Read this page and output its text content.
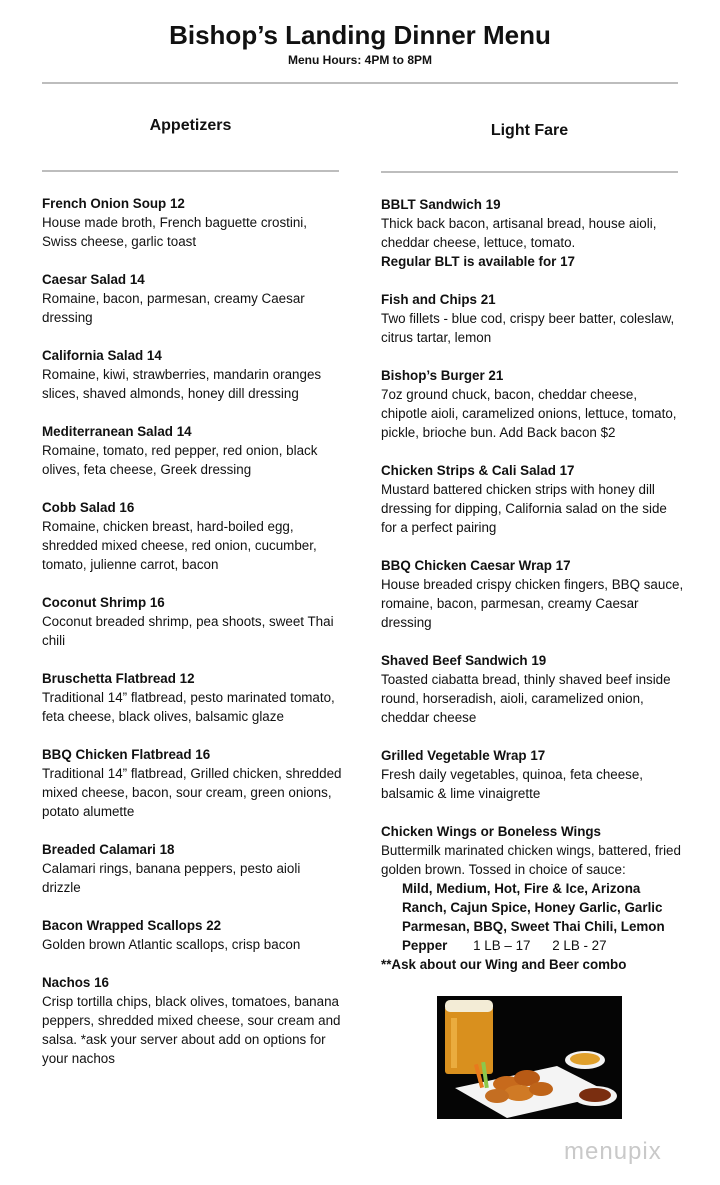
Bishop’s Landing Dinner Menu
Menu Hours: 4PM to 8PM
Appetizers	Light Fare
French Onion Soup 12
House made broth, French baguette crostini, Swiss cheese, garlic toast
Caesar Salad 14
Romaine, bacon, parmesan, creamy Caesar dressing
California Salad 14
Romaine, kiwi, strawberries, mandarin oranges slices, shaved almonds, honey dill dressing
Mediterranean Salad 14
Romaine, tomato, red pepper, red onion, black olives, feta cheese, Greek dressing
Cobb Salad 16
Romaine, chicken breast, hard-boiled egg, shredded mixed cheese, red onion, cucumber, tomato, julienne carrot, bacon
Coconut Shrimp 16
Coconut breaded shrimp, pea shoots, sweet Thai chili
Bruschetta Flatbread 12
Traditional 14” flatbread, pesto marinated tomato, feta cheese, black olives, balsamic glaze
BBQ Chicken Flatbread 16
Traditional 14” flatbread, Grilled chicken, shredded mixed cheese, bacon, sour cream, green onions, potato alumette
Breaded Calamari 18
Calamari rings, banana peppers, pesto aioli drizzle
Bacon Wrapped Scallops 22
Golden brown Atlantic scallops, crisp bacon
Nachos 16
Crisp tortilla chips, black olives, tomatoes, banana peppers, shredded mixed cheese, sour cream and salsa. *ask your server about add on options for your nachos
BBLT Sandwich 19
Thick back bacon, artisanal bread, house aioli, cheddar cheese, lettuce, tomato.
Regular BLT is available for 17
Fish and Chips 21
Two fillets - blue cod, crispy beer batter, coleslaw, citrus tartar, lemon
Bishop’s Burger 21
7oz ground chuck, bacon, cheddar cheese, chipotle aioli, caramelized onions, lettuce, tomato, pickle, brioche bun. Add Back bacon $2
Chicken Strips & Cali Salad 17
Mustard battered chicken strips with honey dill dressing for dipping, California salad on the side for a perfect pairing
BBQ Chicken Caesar Wrap 17
House breaded crispy chicken fingers, BBQ sauce, romaine, bacon, parmesan, creamy Caesar dressing
Shaved Beef Sandwich 19
Toasted ciabatta bread, thinly shaved beef inside round, horseradish, aioli, caramelized onion, cheddar cheese
Grilled Vegetable Wrap 17
Fresh daily vegetables, quinoa, feta cheese, balsamic & lime vinaigrette
Chicken Wings or Boneless Wings
Buttermilk marinated chicken wings, battered, fried golden brown. Tossed in choice of sauce:
Mild, Medium, Hot, Fire & Ice, Arizona Ranch, Cajun Spice, Honey Garlic, Garlic Parmesan, BBQ, Sweet Thai Chili, Lemon Pepper 1 LB – 17 2 LB - 27
**Ask about our Wing and Beer combo
menupix
